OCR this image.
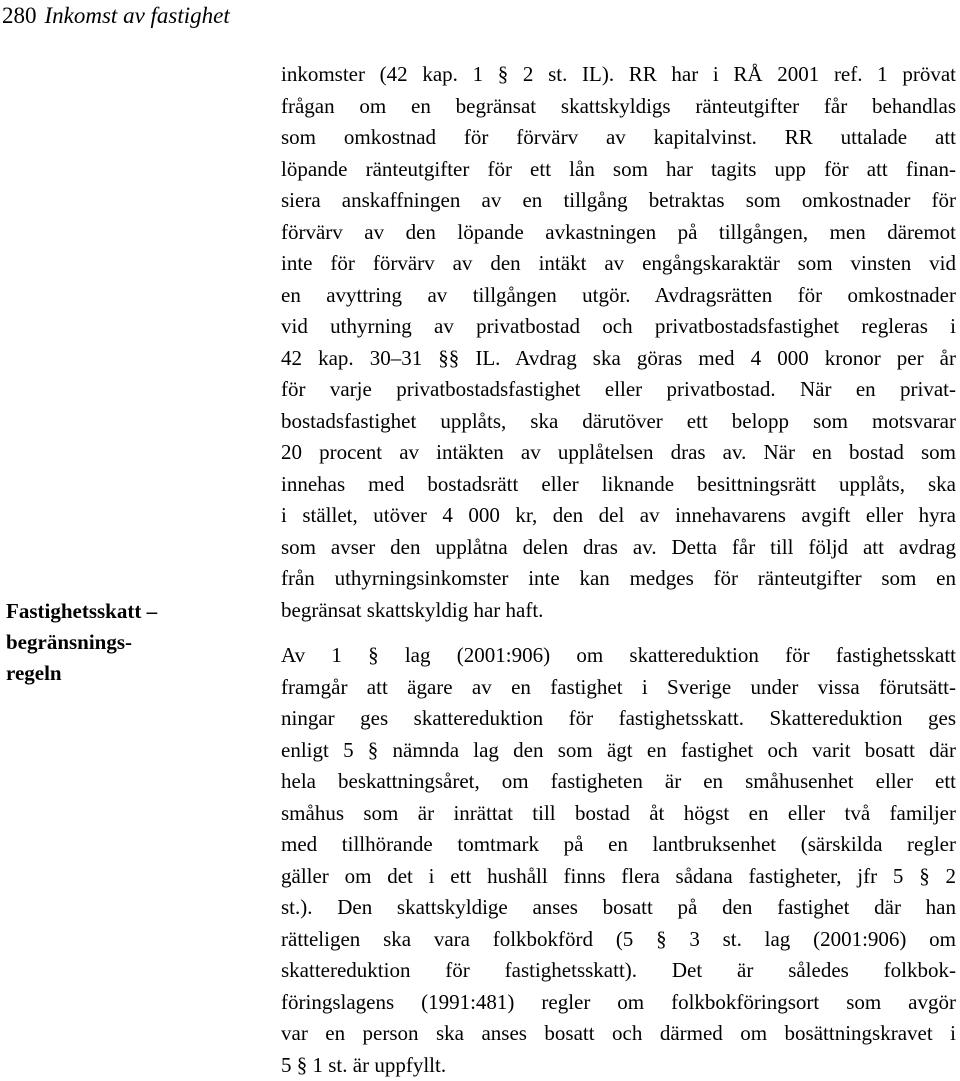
280 Inkomst av fastighet
Fastighetsskatt –
begränsnings-
regeln
inkomster (42 kap. 1 § 2 st. IL). RR har i RÅ 2001 ref. 1 prövat
frågan om en begränsat skattskyldigs ränteutgifter får behandlas
som omkostnad för förvärv av kapitalvinst. RR uttalade att
löpande ränteutgifter för ett lån som har tagits upp för att finan-
siera anskaffningen av en tillgång betraktas som omkostnader för
förvärv av den löpande avkastningen på tillgången, men däremot
inte för förvärv av den intäkt av engångskaraktär som vinsten vid
en avyttring av tillgången utgör. Avdragsrätten för omkostnader
vid uthyrning av privatbostad och privatbostadsfastighet regleras i
42 kap. 30–31 §§ IL. Avdrag ska göras med 4 000 kronor per år
för varje privatbostadsfastighet eller privatbostad. När en privat-
bostadsfastighet upplåts, ska därutöver ett belopp som motsvarar
20 procent av intäkten av upplåtelsen dras av. När en bostad som
innehas med bostadsrätt eller liknande besittningsrätt upplåts, ska
i stället, utöver 4 000 kr, den del av innehavarens avgift eller hyra
som avser den upplåtna delen dras av. Detta får till följd att avdrag
från uthyrningsinkomster inte kan medges för ränteutgifter som en
begränsat skattskyldig har haft.
Av 1 § lag (2001:906) om skattereduktion för fastighetsskatt
framgår att ägare av en fastighet i Sverige under vissa förutsätt-
ningar ges skattereduktion för fastighetsskatt. Skattereduktion ges
enligt 5 § nämnda lag den som ägt en fastighet och varit bosatt där
hela beskattningsåret, om fastigheten är en småhusenhet eller ett
småhus som är inrättat till bostad åt högst en eller två familjer
med tillhörande tomtmark på en lantbruksenhet (särskilda regler
gäller om det i ett hushåll finns flera sådana fastigheter, jfr 5 § 2
st.). Den skattskyldige anses bosatt på den fastighet där han
rätteligen ska vara folkbokförd (5 § 3 st. lag (2001:906) om
skattereduktion för fastighetsskatt). Det är således folkbok-
föringslagens (1991:481) regler om folkbokföringsort som avgör
var en person ska anses bosatt och därmed om bosättningskravet i
5 § 1 st. är uppfyllt.
